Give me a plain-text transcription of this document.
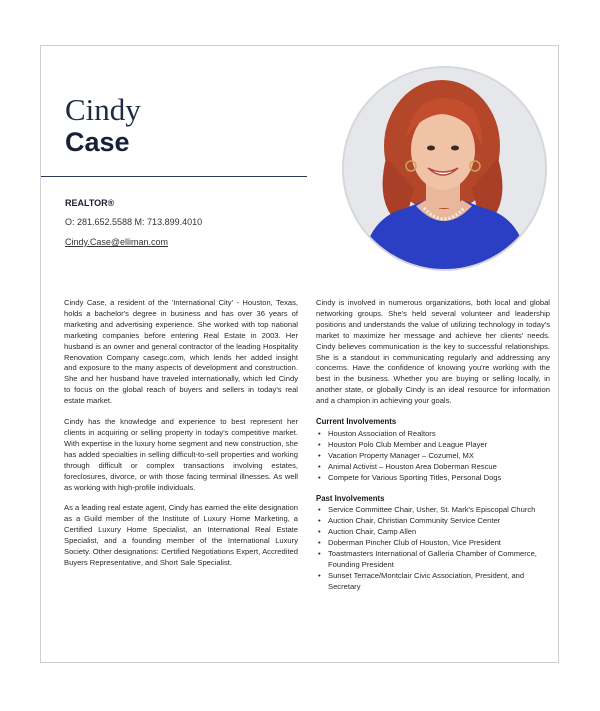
Cindy
Case
REALTOR®
O: 281.652.5588 M: 713.899.4010
Cindy.Case@elliman.com

Cindy Case, a resident of the 'International City' - Houston, Texas, holds a bachelor's degree in business and has over 36 years of marketing and advertising experience. She worked with top national marketing companies before entering Real Estate in 2003. Her husband is an owner and general contractor of the leading Hospitality Renovation Company casegc.com, which lends her added insight and exposure to the many aspects of development and construction. She and her husband have traveled internationally, which led Cindy to focus on the global reach of buyers and sellers in today's real estate market.

Cindy has the knowledge and experience to best represent her clients in acquiring or selling property in today's competitive market. With expertise in the luxury home segment and new construction, she has added specialties in selling difficult-to-sell properties and working through difficult or complex transactions involving estates, foreclosures, divorce, or with those facing terminal illnesses. As well as working with high-profile individuals.

As a leading real estate agent, Cindy has earned the elite designation as a Guild member of the Institute of Luxury Home Marketing, a Certified Luxury Home Specialist, an International Real Estate Specialist, and a founding member of the International Luxury Society. Other designations: Certified Negotiations Expert, Accredited Buyers Representative, and Short Sale Specialist.

Cindy is involved in numerous organizations, both local and global networking groups. She's held several volunteer and leadership positions and understands the value of utilizing technology in today's market to maximize her message and achieve her clients' needs. Cindy believes communication is the key to successful relationships. She is a standout in communicating regularly and addressing any concerns. Have the confidence of knowing you're working with the best in the business. Whether you are buying or selling locally, in another state, or globally Cindy is an ideal resource for information and a champion in achieving your goals.

Current Involvements
• Houston Association of Realtors
• Houston Polo Club Member and League Player
• Vacation Property Manager – Cozumel, MX
• Animal Activist – Houston Area Doberman Rescue
• Compete for Various Sporting Titles, Personal Dogs
Past Involvements
• Service Committee Chair, Usher, St. Mark's Episcopal Church
• Auction Chair, Christian Community Service Center
• Auction Chair, Camp Allen
• Doberman Pincher Club of Houston, Vice President
• Toastmasters International of Galleria Chamber of Commerce, Founding President
• Sunset Terrace/Montclair Civic Association, President, and Secretary
